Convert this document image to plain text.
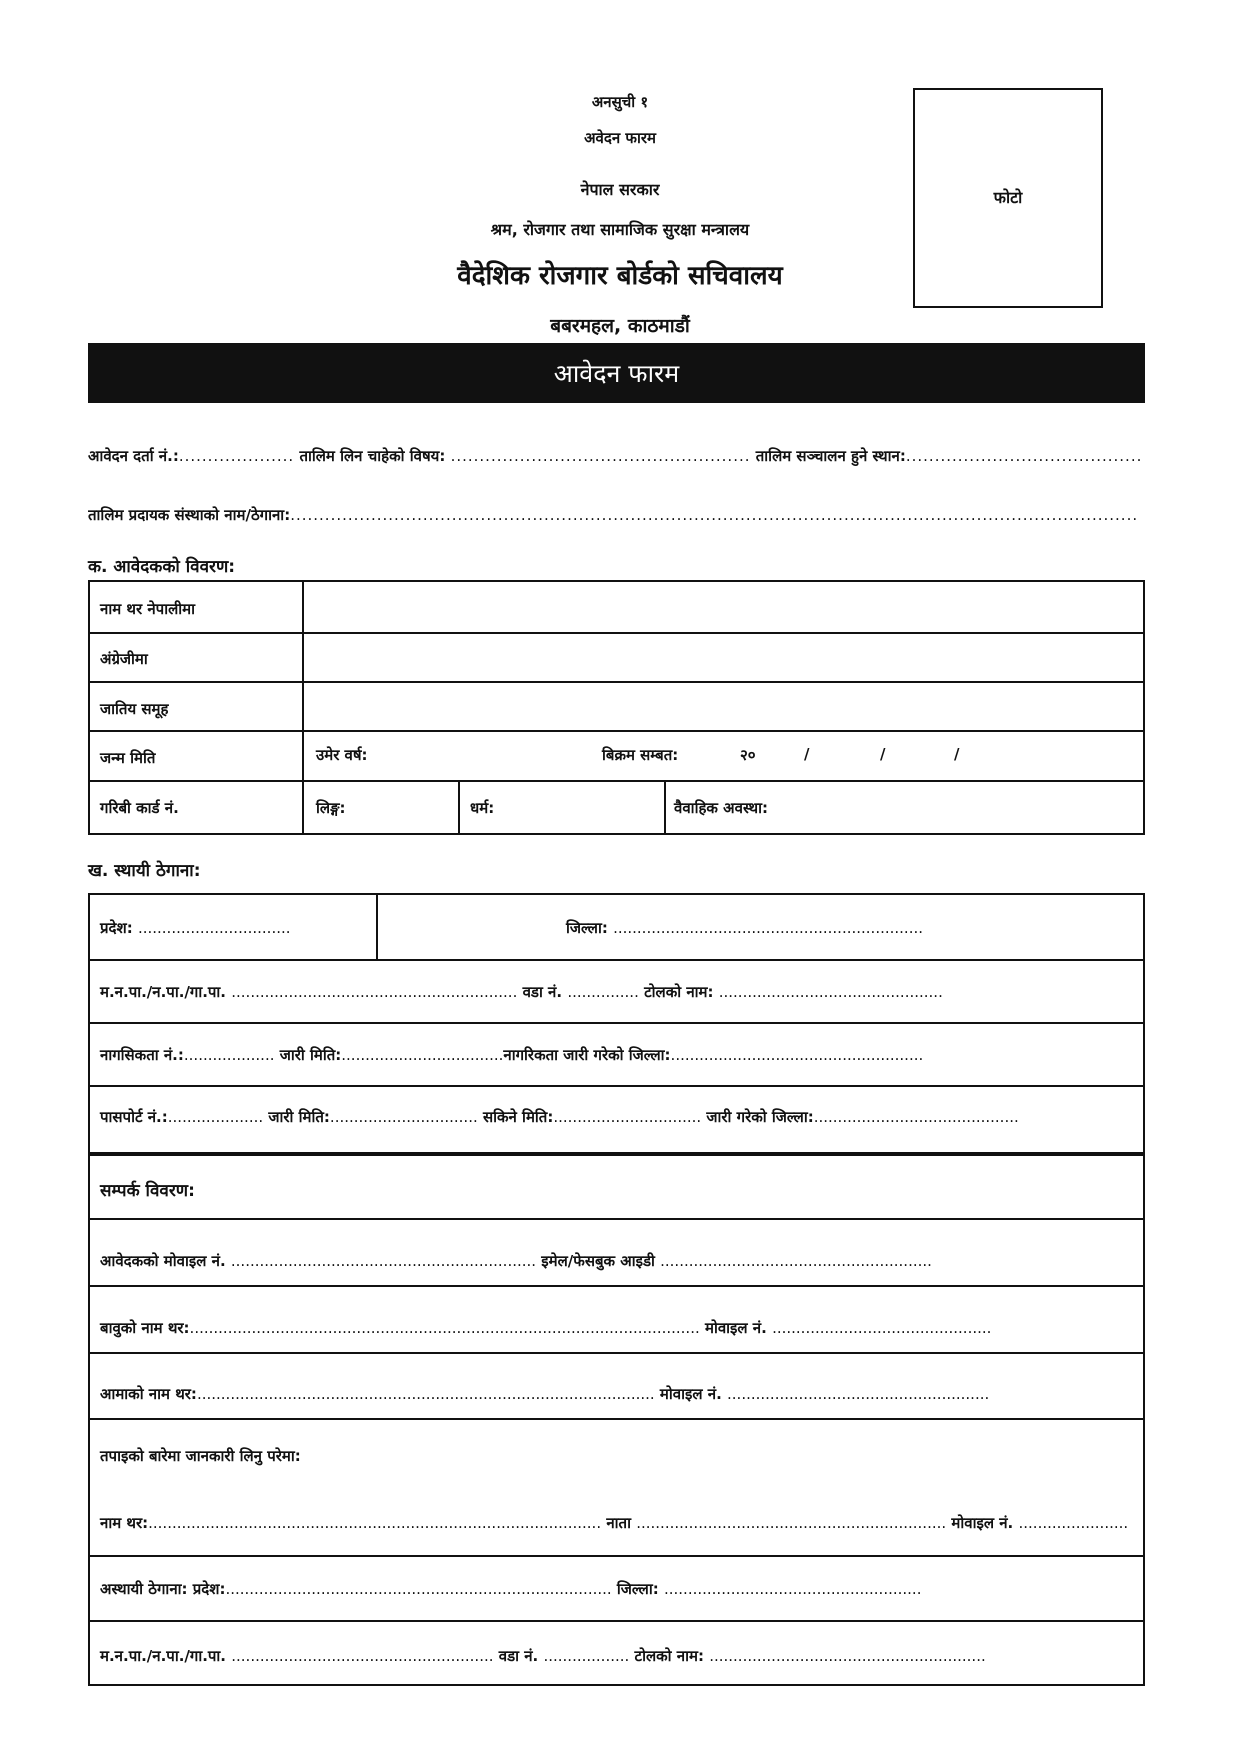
अनसुची १
अवेदन फारम
नेपाल सरकार
श्रम, रोजगार तथा सामाजिक सुरक्षा मन्त्रालय
वैदेशिक रोजगार बोर्डको सचिवालय
बबरमहल, काठमाडौं
फोटो
आवेदन फारम
आवेदन दर्ता नं.:.................... तालिम लिन चाहेको विषय: .................................................... तालिम सञ्चालन हुने स्थान:.........................................
तालिम प्रदायक संस्थाको नाम/ठेगाना:...................................................................................................................................................
क. आवेदकको विवरण:
नाम थर नेपालीमा
अंग्रेजीमा
जातिय समूह
जन्म मिति	उमेर वर्ष:	बिक्रम सम्बत:	२०	/	/	/
गरिबी कार्ड नं.	लिङ्ग:	धर्म:	वैवाहिक अवस्था:
ख. स्थायी ठेगाना:
प्रदेश: ................................	जिल्ला: .................................................................
म.न.पा./न.पा./गा.पा. ............................................................ वडा नं. ............... टोलको नाम: ...............................................
नागसिकता नं.:................... जारी मिति:..................................नागरिकता जारी गरेको जिल्ला:.....................................................
पासपोर्ट नं.:.................... जारी मिति:............................... सकिने मिति:............................... जारी गरेको जिल्ला:...........................................
सम्पर्क विवरण:
आवेदकको मोवाइल नं. ................................................................ इमेल/फेसबुक आइडी .........................................................
बावुको नाम थर:........................................................................................................... मोवाइल नं. ..............................................
आमाको नाम थर:................................................................................................ मोवाइल नं. .......................................................
तपाइको बारेमा जानकारी लिनु परेमा:
नाम थर:............................................................................................... नाता ................................................................. मोवाइल नं. .......................
अस्थायी ठेगाना: प्रदेश:................................................................................. जिल्ला: ......................................................
म.न.पा./न.पा./गा.पा. ....................................................... वडा नं. .................. टोलको नाम: ..........................................................
